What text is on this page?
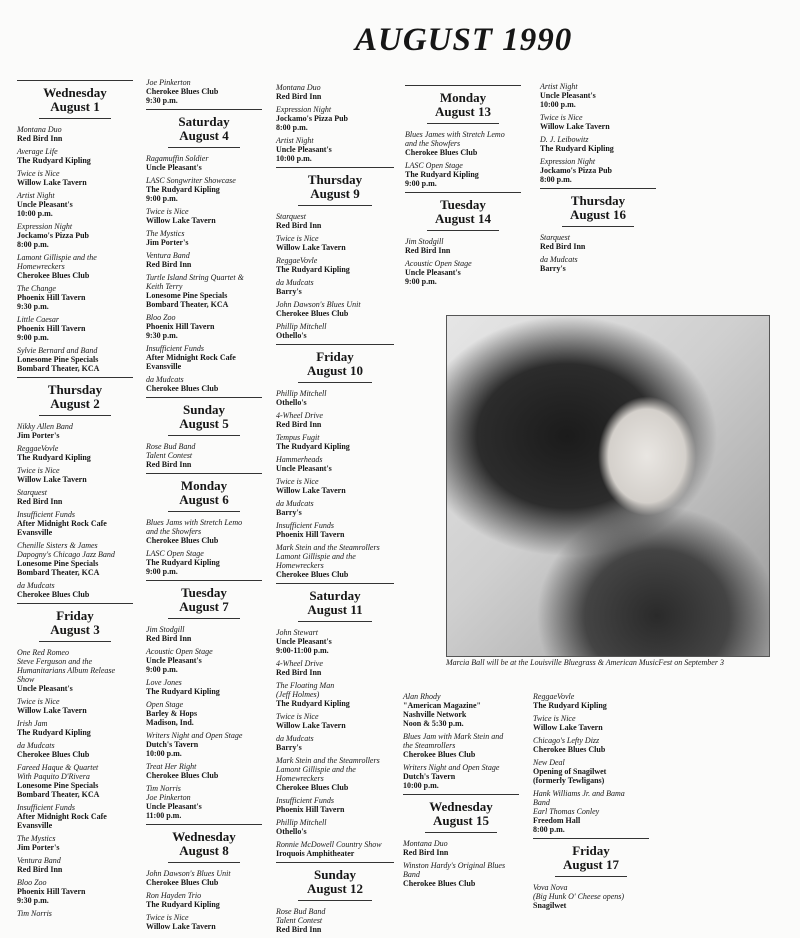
AUGUST 1990
Wednesday
August 1
Montana Duo
Red Bird Inn
Average Life
The Rudyard Kipling
Twice is Nice
Willow Lake Tavern
Artist Night
Uncle Pleasant's
10:00 p.m.
Expression Night
Jockamo's Pizza Pub
8:00 p.m.
Lamont Gillispie and the
Homewreckers
Cherokee Blues Club
The Change
Phoenix Hill Tavern
9:30 p.m.
Little Caesar
Phoenix Hill Tavern
9:00 p.m.
Sylvie Bernard and Band
Lonesome Pine Specials
Bombard Theater, KCA
Thursday
August 2
Nikky Allen Band
Jim Porter's
ReggaeVovle
The Rudyard Kipling
Twice is Nice
Willow Lake Tavern
Starquest
Red Bird Inn
Insufficient Funds
After Midnight Rock Cafe
Evansville
Chenille Sisters & James
Dapogny's Chicago Jazz Band
Lonesome Pine Specials
Bombard Theater, KCA
da Mudcats
Cherokee Blues Club
Friday
August 3
One Red Romeo
Steve Ferguson and the
Humanitarians Album Release
Show
Uncle Pleasant's
Twice is Nice
Willow Lake Tavern
Irish Jam
The Rudyard Kipling
da Mudcats
Cherokee Blues Club
Fareed Haque & Quartet
With Paquito D'Rivera
Lonesome Pine Specials
Bombard Theater, KCA
Insufficient Funds
After Midnight Rock Cafe
Evansville
The Mystics
Jim Porter's
Ventura Band
Red Bird Inn
Bloo Zoo
Phoenix Hill Tavern
9:30 p.m.
Tim Norris
Joe Pinkerton
Cherokee Blues Club
9:30 p.m.
Saturday
August 4
Ragamuffin Soldier
Uncle Pleasant's
LASC Songwriter Showcase
The Rudyard Kipling
9:00 p.m.
Twice is Nice
Willow Lake Tavern
The Mystics
Jim Porter's
Ventura Band
Red Bird Inn
Turtle Island String Quartet &
Keith Terry
Lonesome Pine Specials
Bombard Theater, KCA
Bloo Zoo
Phoenix Hill Tavern
9:30 p.m.
Insufficient Funds
After Midnight Rock Cafe
Evansville
da Mudcats
Cherokee Blues Club
Sunday
August 5
Rose Bud Band
Talent Contest
Red Bird Inn
Monday
August 6
Blues Jams with Stretch Lemo
and the Showfers
Cherokee Blues Club
LASC Open Stage
The Rudyard Kipling
9:00 p.m.
Tuesday
August 7
Jim Stodgill
Red Bird Inn
Acoustic Open Stage
Uncle Pleasant's
9:00 p.m.
Love Jones
The Rudyard Kipling
Open Stage
Barley & Hops
Madison, Ind.
Writers Night and Open Stage
Dutch's Tavern
10:00 p.m.
Treat Her Right
Cherokee Blues Club
Tim Norris
Joe Pinkerton
Uncle Pleasant's
11:00 p.m.
Wednesday
August 8
John Dawson's Blues Unit
Cherokee Blues Club
Ron Hayden Trio
The Rudyard Kipling
Twice is Nice
Willow Lake Tavern
Montana Duo
Red Bird Inn
Expression Night
Jockamo's Pizza Pub
8:00 p.m.
Artist Night
Uncle Pleasant's
10:00 p.m.
Thursday
August 9
Starquest
Red Bird Inn
Twice is Nice
Willow Lake Tavern
ReggaeVovle
The Rudyard Kipling
da Mudcats
Barry's
John Dawson's Blues Unit
Cherokee Blues Club
Phillip Mitchell
Othello's
Friday
August 10
Phillip Mitchell
Othello's
4-Wheel Drive
Red Bird Inn
Tempus Fugit
The Rudyard Kipling
Hammerheads
Uncle Pleasant's
Twice is Nice
Willow Lake Tavern
da Mudcats
Barry's
Insufficient Funds
Phoenix Hill Tavern
Mark Stein and the Steamrollers
Lamont Gillispie and the
Homewreckers
Cherokee Blues Club
Saturday
August 11
John Stewart
Uncle Pleasant's
9:00-11:00 p.m.
4-Wheel Drive
Red Bird Inn
The Floating Man
(Jeff Holmes)
The Rudyard Kipling
Twice is Nice
Willow Lake Tavern
da Mudcats
Barry's
Mark Stein and the Steamrollers
Lamont Gillispie and the
Homewreckers
Cherokee Blues Club
Insufficient Funds
Phoenix Hill Tavern
Phillip Mitchell
Othello's
Ronnie McDowell Country Show
Iroquois Amphitheater
Sunday
August 12
Rose Bud Band
Talent Contest
Red Bird Inn
Monday
August 13
Blues James with Stretch Lemo
and the Showfers
Cherokee Blues Club
LASC Open Stage
The Rudyard Kipling
9:00 p.m.
Tuesday
August 14
Jim Stodgill
Red Bird Inn
Acoustic Open Stage
Uncle Pleasant's
9:00 p.m.
Artist Night
Uncle Pleasant's
10:00 p.m.
Twice is Nice
Willow Lake Tavern
D. J. Leibowitz
The Rudyard Kipling
Expression Night
Jockamo's Pizza Pub
8:00 p.m.
Thursday
August 16
Starquest
Red Bird Inn
da Mudcats
Barry's
Alan Rhody
"American Magazine"
Nashville Network
Noon & 5:30 p.m.
Blues Jam with Mark Stein and
the Steamrollers
Cherokee Blues Club
Writers Night and Open Stage
Dutch's Tavern
10:00 p.m.
Wednesday
August 15
Montana Duo
Red Bird Inn
Winston Hardy's Original Blues
Band
Cherokee Blues Club
ReggaeVovle
The Rudyard Kipling
Twice is Nice
Willow Lake Tavern
Chicago's Lefty Dizz
Cherokee Blues Club
New Deal
Opening of Snagilwet
(formerly Tewligans)
Hank Williams Jr. and Bama
Band
Earl Thomas Conley
Freedom Hall
8:00 p.m.
Friday
August 17
Vova Nova
(Big Hunk O' Cheese opens)
Snagilwet
Marcia Ball will be at the Louisville Bluegrass & American MusicFest on September 3
